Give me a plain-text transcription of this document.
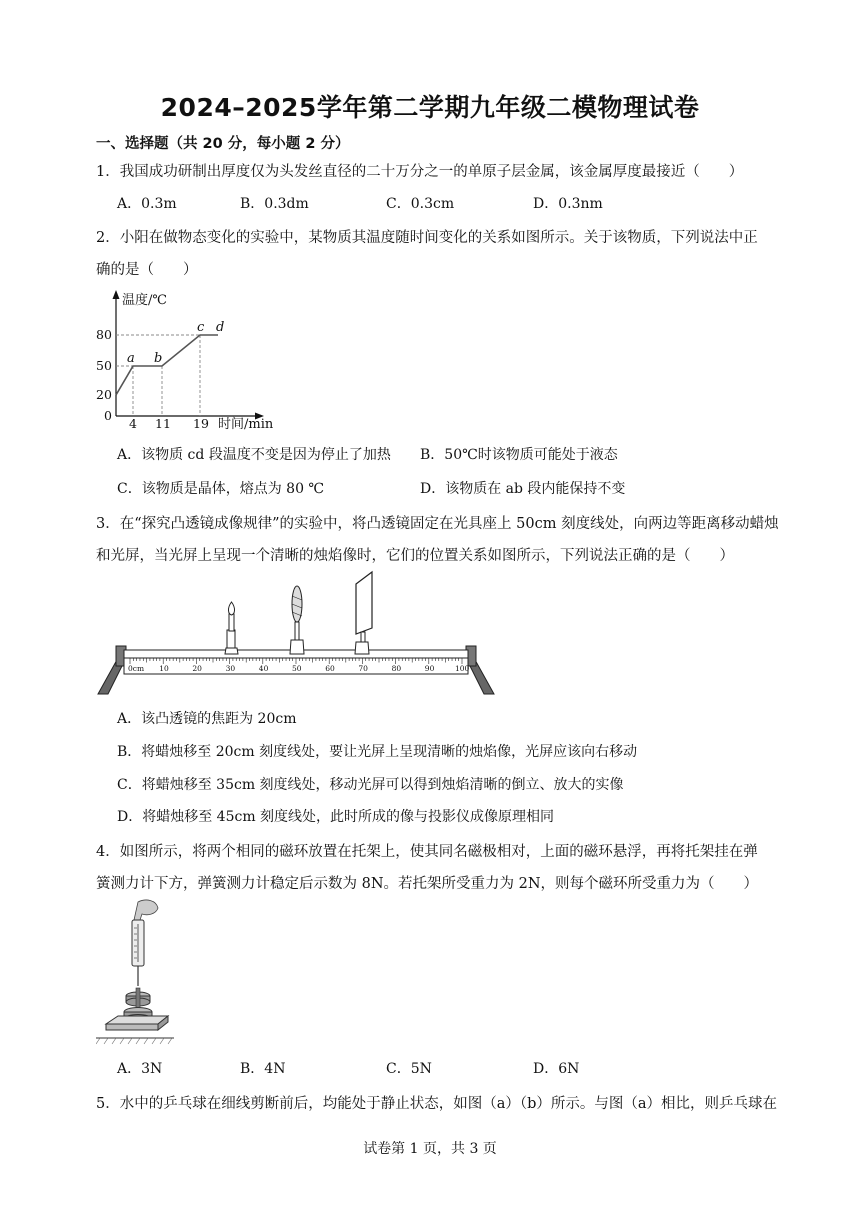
2024–2025学年第二学期九年级二模物理试卷
一、选择题（共 20 分，每小题 2 分）
1．我国成功研制出厚度仅为头发丝直径的二十万分之一的单原子层金属，该金属厚度最接近（　　）
A．0.3m	B．0.3dm	C．0.3cm	D．0.3nm
2．小阳在做物态变化的实验中，某物质其温度随时间变化的关系如图所示。关于该物质，下列说法中正
确的是（　　）
温度/℃
80
50
20
0
4 11 19 时间/min
a b
c d
A．该物质 cd 段温度不变是因为停止了加热 B．50℃时该物质可能处于液态
C．该物质是晶体，熔点为 80 ℃	D．该物质在 ab 段内能保持不变
3．在“探究凸透镜成像规律”的实验中，将凸透镜固定在光具座上 50cm 刻度线处，向两边等距离移动蜡烛
和光屏，当光屏上呈现一个清晰的烛焰像时，它们的位置关系如图所示，下列说法正确的是（　　）
0cm 10	20	30	40	50	60	70	80	90	100
A．该凸透镜的焦距为 20cm
B．将蜡烛移至 20cm 刻度线处，要让光屏上呈现清晰的烛焰像，光屏应该向右移动
C．将蜡烛移至 35cm 刻度线处，移动光屏可以得到烛焰清晰的倒立、放大的实像
D．将蜡烛移至 45cm 刻度线处，此时所成的像与投影仪成像原理相同
4．如图所示，将两个相同的磁环放置在托架上，使其同名磁极相对，上面的磁环悬浮，再将托架挂在弹
簧测力计下方，弹簧测力计稳定后示数为 8N。若托架所受重力为 2N，则每个磁环所受重力为（　　）
A．3N	B．4N	C．5N	D．6N
5．水中的乒乓球在细线剪断前后，均能处于静止状态，如图（a）（b）所示。与图（a）相比，则乒乓球在
试卷第 1 页，共 3 页
